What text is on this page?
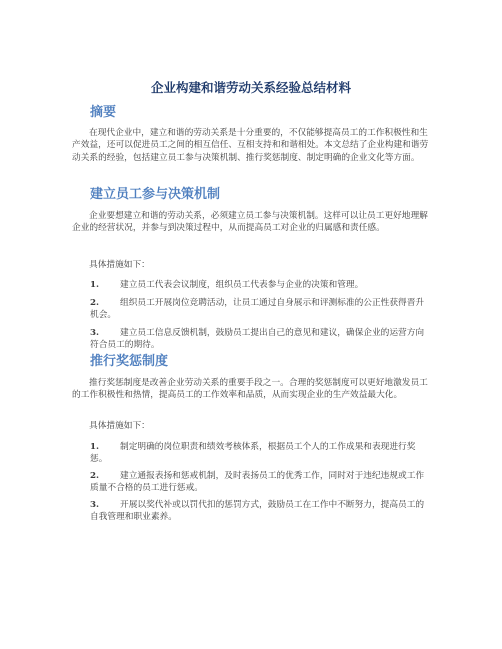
企业构建和谐劳动关系经验总结材料
摘要

在现代企业中，建立和谐的劳动关系是十分重要的，不仅能够提高员工的工作积极性和生产效益，还可以促进员工之间的相互信任、互相支持和和谐相处。本文总结了企业构建和谐劳动关系的经验，包括建立员工参与决策机制、推行奖惩制度、制定明确的企业文化等方面。

建立员工参与决策机制

企业要想建立和谐的劳动关系，必须建立员工参与决策机制。这样可以让员工更好地理解企业的经营状况，并参与到决策过程中，从而提高员工对企业的归属感和责任感。

具体措施如下：

1. 建立员工代表会议制度，组织员工代表参与企业的决策和管理。
2. 组织员工开展岗位竞聘活动，让员工通过自身展示和评测标准的公正性获得晋升机会。
3. 建立员工信息反馈机制，鼓励员工提出自己的意见和建议，确保企业的运营方向符合员工的期待。
推行奖惩制度

推行奖惩制度是改善企业劳动关系的重要手段之一。合理的奖惩制度可以更好地激发员工的工作积极性和热情，提高员工的工作效率和品质，从而实现企业的生产效益最大化。

具体措施如下：

1. 制定明确的岗位职责和绩效考核体系，根据员工个人的工作成果和表现进行奖惩。
2. 建立通报表扬和惩戒机制，及时表扬员工的优秀工作，同时对于违纪违规或工作质量不合格的员工进行惩戒。
3. 开展以奖代补或以罚代扣的惩罚方式，鼓励员工在工作中不断努力，提高员工的自我管理和职业素养。
